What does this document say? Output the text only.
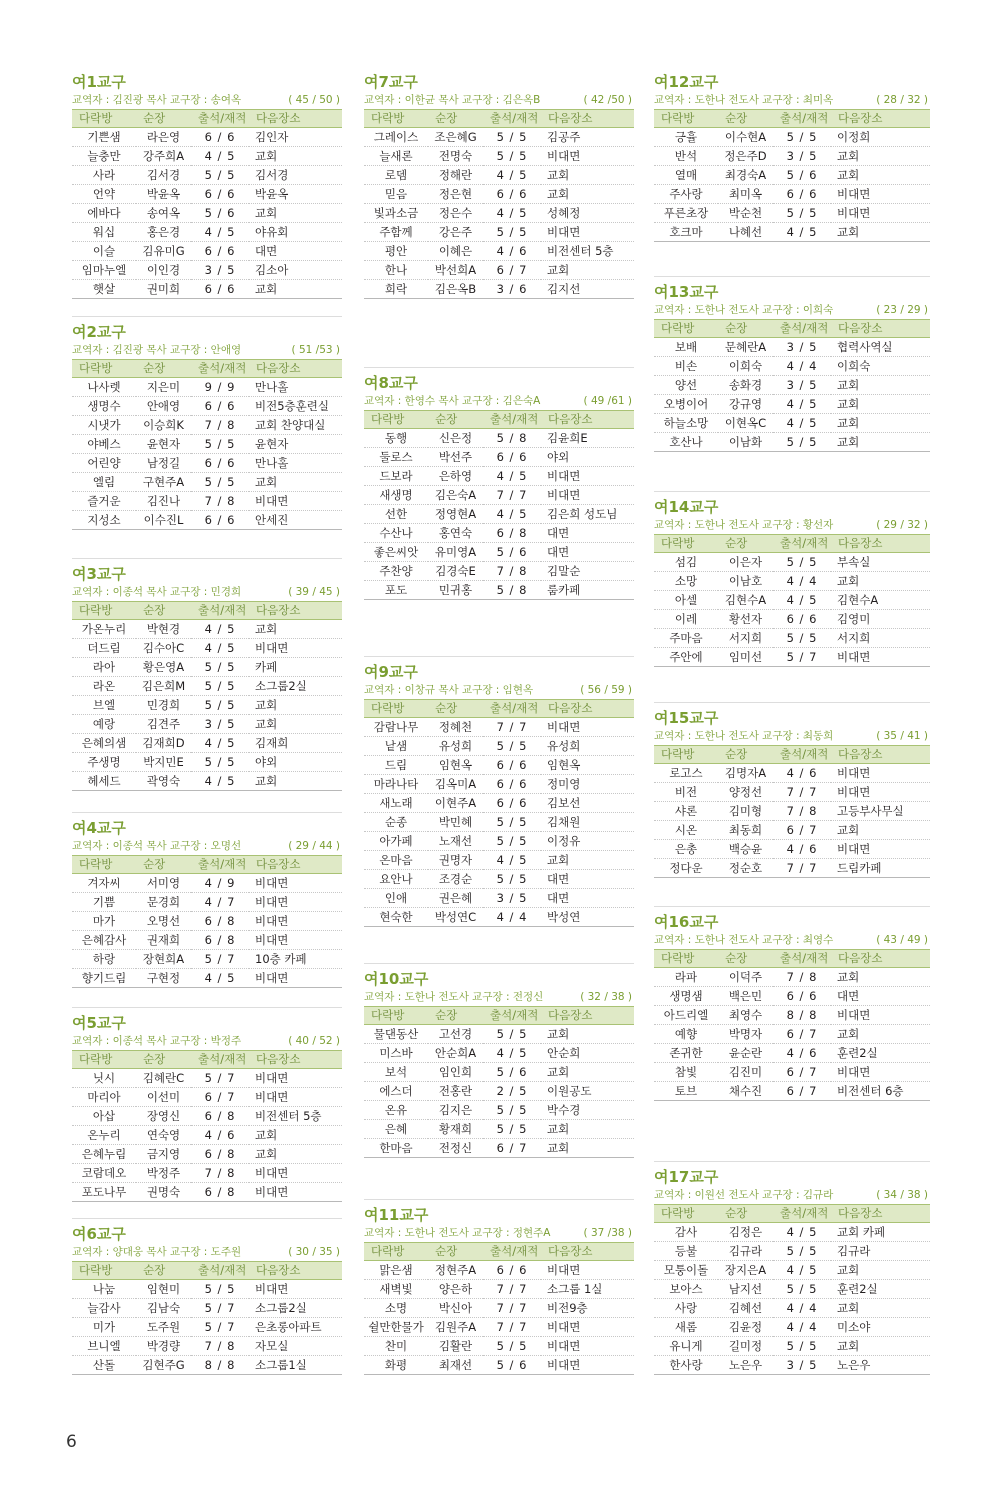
여1교구
교역자 : 김진광 목사 교구장 : 송여옥	( 45 / 50 )
다락방	순장	출석/재적	다음장소
기쁜샘	라은영	6 / 6	김인자
늘충만	강주희A	4 / 5	교회
사라	김서경	5 / 5	김서경
언약	박윤옥	6 / 6	박윤옥
에바다	송여옥	5 / 6	교회
워십	홍은경	4 / 5	야유회
이슬	김유미G	6 / 6	대면
임마누엘	이인경	3 / 5	김소아
햇살	권미희	6 / 6	교회
여2교구
교역자 : 김진광 목사 교구장 : 안애영	( 51 /53 )
다락방	순장	출석/재적	다음장소
나사렛	지은미	9 / 9	만나홀
생명수	안애영	6 / 6	비전5층훈련실
시냇가	이승희K	7 / 8	교회 찬양대실
야베스	윤현자	5 / 5	윤현자
어린양	남정길	6 / 6	만나홀
엘림	구현주A	5 / 5	교회
즐거운	김진나	7 / 8	비대면
지성소	이수진L	6 / 6	안세진
여3교구
교역자 : 이종석 목사 교구장 : 민경희	( 39 / 45 )
다락방	순장	출석/재적	다음장소
가온누리	박현경	4 / 5	교회
더드림	김수아C	4 / 5	비대면
라아	황은영A	5 / 5	카페
라온	김은희M	5 / 5	소그룹2실
브엘	민경희	5 / 5	교회
예랑	김견주	3 / 5	교회
은혜의샘	김재희D	4 / 5	김재희
주생명	박지민E	5 / 5	야외
헤세드	곽영숙	4 / 5	교회
여4교구
교역자 : 이종석 목사 교구장 : 오명선	( 29 / 44 )
다락방	순장	출석/재적	다음장소
겨자씨	서미영	4 / 9	비대면
기쁨	문경희	4 / 7	비대면
마가	오명선	6 / 8	비대면
은혜감사	권재희	6 / 8	비대면
하랑	장현희A	5 / 7	10층 카페
향기드림	구현정	4 / 5	비대면
여5교구
교역자 : 이종석 목사 교구장 : 박정주	( 40 / 52 )
다락방	순장	출석/재적	다음장소
닛시	김혜란C	5 / 7	비대면
마리아	이선미	6 / 7	비대면
아삽	장영신	6 / 8	비전센터 5층
온누리	연숙영	4 / 6	교회
은혜누림	금지영	6 / 8	교회
코람데오	박정주	7 / 8	비대면
포도나무	권명숙	6 / 8	비대면
여6교구
교역자 : 양대웅 목사 교구장 : 도주원	( 30 / 35 )
다락방	순장	출석/재적	다음장소
나눔	임현미	5 / 5	비대면
늘감사	김남숙	5 / 7	소그룹2실
미가	도주원	5 / 7	은초롱아파트
브니엘	박경량	7 / 8	자모실
산돌	김현주G	8 / 8	소그룹1실
여7교구
교역자 : 이한균 목사 교구장 : 김은옥B	( 42 /50 )
다락방	순장	출석/재적	다음장소
그레이스	조은혜G	5 / 5	김공주
늘새론	전명숙	5 / 5	비대면
로뎀	정해란	4 / 5	교회
믿음	정은현	6 / 6	교회
빛과소금	정은수	4 / 5	성혜정
주함께	강은주	5 / 5	비대면
평안	이혜은	4 / 6	비전센터 5층
한나	박선희A	6 / 7	교회
희락	김은옥B	3 / 6	김지선
여8교구
교역자 : 한영수 목사 교구장 : 김은숙A	( 49 /61 )
다락방	순장	출석/재적	다음장소
동행	신은정	5 / 8	김윤희E
둘로스	박선주	6 / 6	야외
드보라	은하영	4 / 5	비대면
새생명	김은숙A	7 / 7	비대면
선한	정영현A	4 / 5	김은희 성도님
수산나	홍연숙	6 / 8	대면
좋은씨앗	유미영A	5 / 6	대면
주찬양	김경숙E	7 / 8	김말순
포도	민귀홍	5 / 8	룸카페
여9교구
교역자 : 이창규 목사 교구장 : 임현옥	( 56 / 59 )
다락방	순장	출석/재적	다음장소
감람나무	정혜천	7 / 7	비대면
낱샘	유성희	5 / 5	유성희
드림	임현옥	6 / 6	임현옥
마라나타	김옥미A	6 / 6	정미영
새노래	이현주A	6 / 6	김보선
순종	박민혜	5 / 5	김채원
아가페	노재선	5 / 5	이정유
온마음	권명자	4 / 5	교회
요안나	조경순	5 / 5	대면
인애	권은혜	3 / 5	대면
현숙한	박성연C	4 / 4	박성연
여10교구
교역자 : 도한나 전도사 교구장 : 전정신	( 32 / 38 )
다락방	순장	출석/재적	다음장소
물댄동산	고선경	5 / 5	교회
미스바	안순희A	4 / 5	안순희
보석	임인희	5 / 6	교회
에스더	전홍란	2 / 5	이원공도
온유	김지은	5 / 5	박수경
은혜	황재희	5 / 5	교회
한마음	전정신	6 / 7	교회
여11교구
교역자 : 도한나 전도사 교구장 : 정현주A	( 37 /38 )
다락방	순장	출석/재적	다음장소
맑은샘	정현주A	6 / 6	비대면
새벽빛	양은하	7 / 7	소그룹 1실
소명	박신아	7 / 7	비전9층
쉴만한물가	김원주A	7 / 7	비대면
찬미	김활란	5 / 5	비대면
화평	최재선	5 / 6	비대면
여12교구
교역자 : 도한나 전도사 교구장 : 최미옥	( 28 / 32 )
다락방	순장	출석/재적	다음장소
긍휼	이수현A	5 / 5	이정희
반석	정은주D	3 / 5	교회
열매	최경숙A	5 / 6	교회
주사랑	최미옥	6 / 6	비대면
푸른초장	박순천	5 / 5	비대면
호크마	나혜선	4 / 5	교회
여13교구
교역자 : 도한나 전도사 교구장 : 이희숙	( 23 / 29 )
다락방	순장	출석/재적	다음장소
보배	문혜란A	3 / 5	협력사역실
비손	이희숙	4 / 4	이희숙
양선	송화경	3 / 5	교회
오병이어	강규영	4 / 5	교회
하늘소망	이현옥C	4 / 5	교회
호산나	이남화	5 / 5	교회
여14교구
교역자 : 도한나 전도사 교구장 : 황선자	( 29 / 32 )
다락방	순장	출석/재적	다음장소
섬김	이은자	5 / 5	부속실
소망	이남호	4 / 4	교회
아셀	김현수A	4 / 5	김현수A
이레	황선자	6 / 6	김영미
주마음	서지희	5 / 5	서지희
주안에	임미선	5 / 7	비대면
여15교구
교역자 : 도한나 전도사 교구장 : 최동희	( 35 / 41 )
다락방	순장	출석/재적	다음장소
로고스	김명자A	4 / 6	비대면
비전	양정선	7 / 7	비대면
샤론	김미형	7 / 8	고등부사무실
시온	최동희	6 / 7	교회
은총	백승윤	4 / 6	비대면
정다운	정순호	7 / 7	드림카페
여16교구
교역자 : 도한나 전도사 교구장 : 최영수	( 43 / 49 )
다락방	순장	출석/재적	다음장소
라파	이덕주	7 / 8	교회
생명샘	백은민	6 / 6	대면
아드리엘	최영수	8 / 8	비대면
예향	박명자	6 / 7	교회
존귀한	윤순란	4 / 6	훈련2실
참빛	김진미	6 / 7	비대면
토브	채수진	6 / 7	비전센터 6층
여17교구
교역자 : 이원선 전도사 교구장 : 김규라	( 34 / 38 )
다락방	순장	출석/재적	다음장소
감사	김정은	4 / 5	교회 카페
등불	김규라	5 / 5	김규라
모퉁이돌	장지은A	4 / 5	교회
보아스	남지선	5 / 5	훈련2실
사랑	김혜선	4 / 4	교회
새롬	김윤정	4 / 4	미소야
유니게	길미정	5 / 5	교회
한사랑	노은우	3 / 5	노은우
6
